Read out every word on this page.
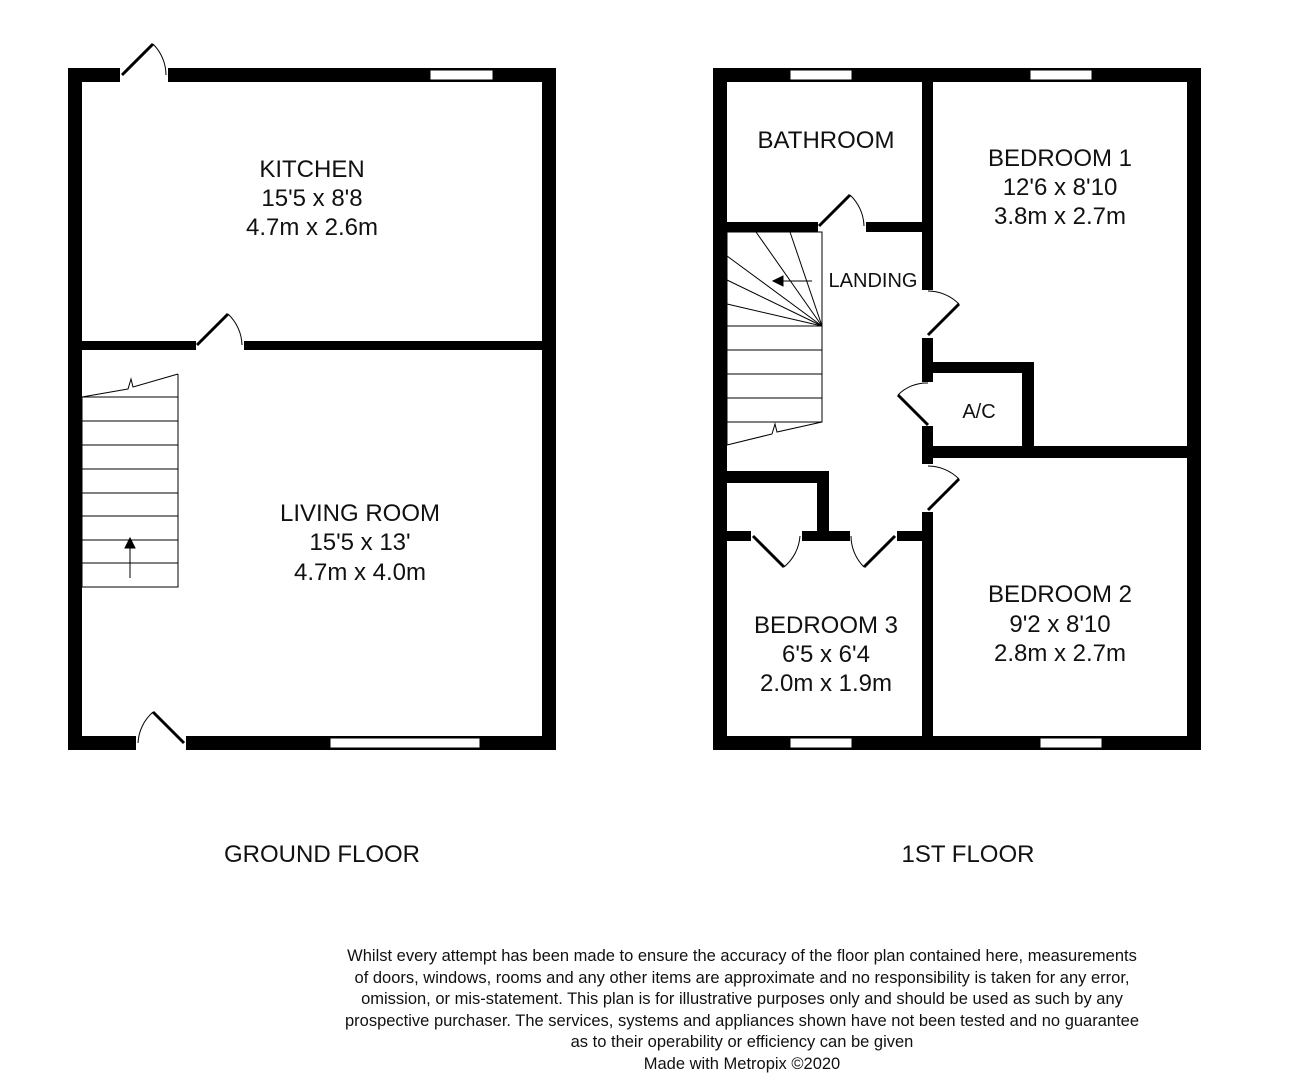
KITCHEN
15'5 x 8'8
4.7m x 2.6m
LIVING ROOM
15'5 x 13'
4.7m x 4.0m
GROUND FLOOR
BATHROOM
LANDING
A/C
BEDROOM 1
12'6 x 8'10
3.8m x 2.7m
BEDROOM 2
9'2 x 8'10
2.8m x 2.7m
BEDROOM 3
6'5 x 6'4
2.0m x 1.9m
1ST FLOOR
Whilst every attempt has been made to ensure the accuracy of the floor plan contained here, measurements
of doors, windows, rooms and any other items are approximate and no responsibility is taken for any error,
omission, or mis-statement. This plan is for illustrative purposes only and should be used as such by any
prospective purchaser. The services, systems and appliances shown have not been tested and no guarantee
as to their operability or efficiency can be given
Made with Metropix ©2020
